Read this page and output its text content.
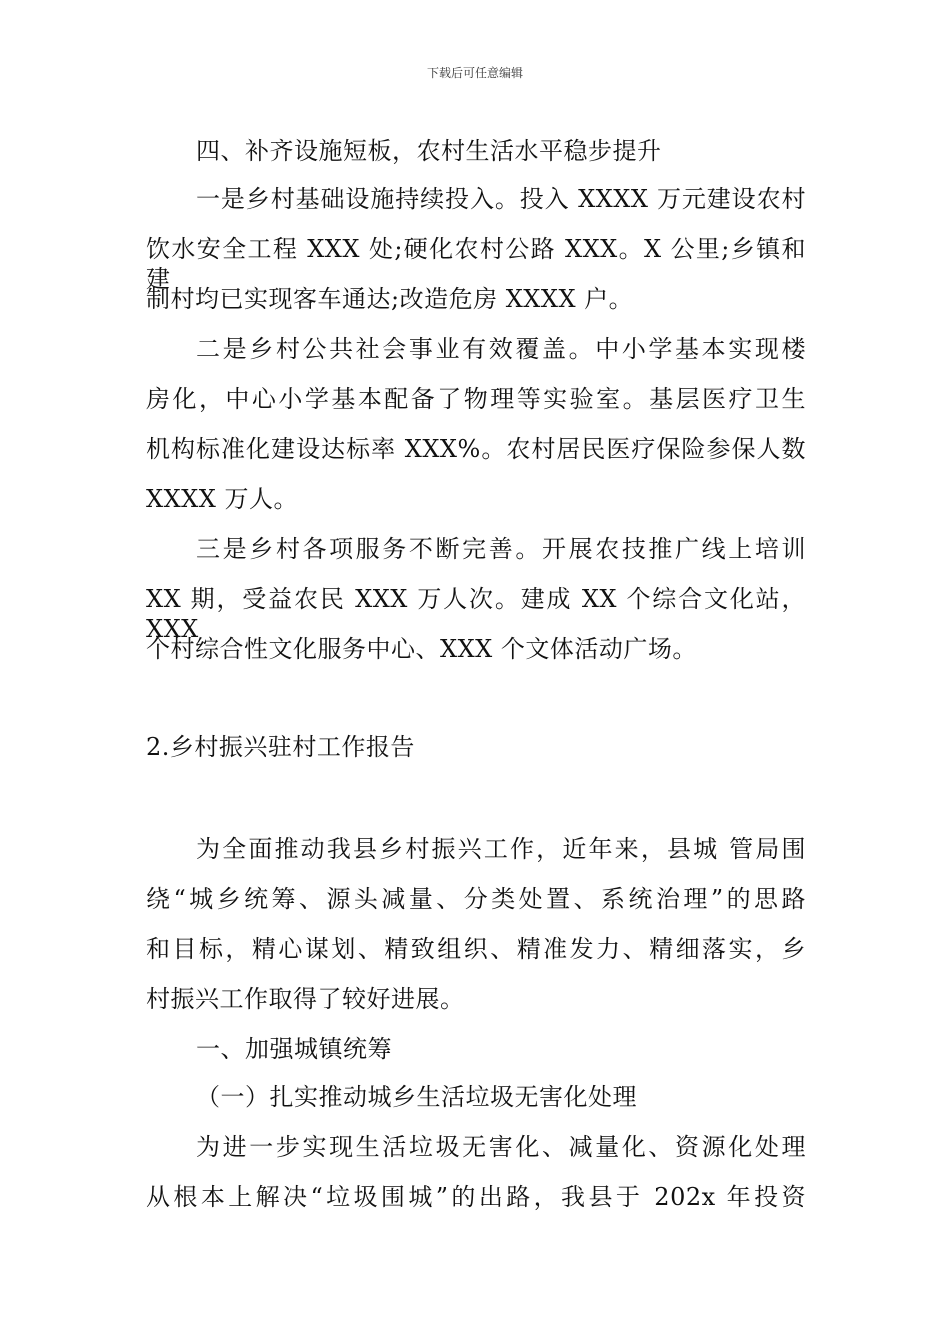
下载后可任意编辑
四、补齐设施短板，农村生活水平稳步提升
一是乡村基础设施持续投入。投入 XXXX 万元建设农村
饮水安全工程 XXX 处;硬化农村公路 XXX。X 公里;乡镇和建
制村均已实现客车通达;改造危房 XXXX 户。
二是乡村公共社会事业有效覆盖。中小学基本实现楼
房化，中心小学基本配备了物理等实验室。基层医疗卫生
机构标准化建设达标率 XXX%。农村居民医疗保险参保人数
XXXX 万人。
三是乡村各项服务不断完善。开展农技推广线上培训
XX 期，受益农民 XXX 万人次。建成 XX 个综合文化站，XXX
个村综合性文化服务中心、XXX 个文体活动广场。
2.乡村振兴驻村工作报告
为全面推动我县乡村振兴工作，近年来，县城 管局围
绕“城乡统筹、源头减量、分类处置、系统治理”的思路
和目标，精心谋划、精致组织、精准发力、精细落实，乡
村振兴工作取得了较好进展。
一、加强城镇统筹
（一）扎实推动城乡生活垃圾无害化处理
为进一步实现生活垃圾无害化、减量化、资源化处理
从根本上解决“垃圾围城”的出路，我县于 202x 年投资
